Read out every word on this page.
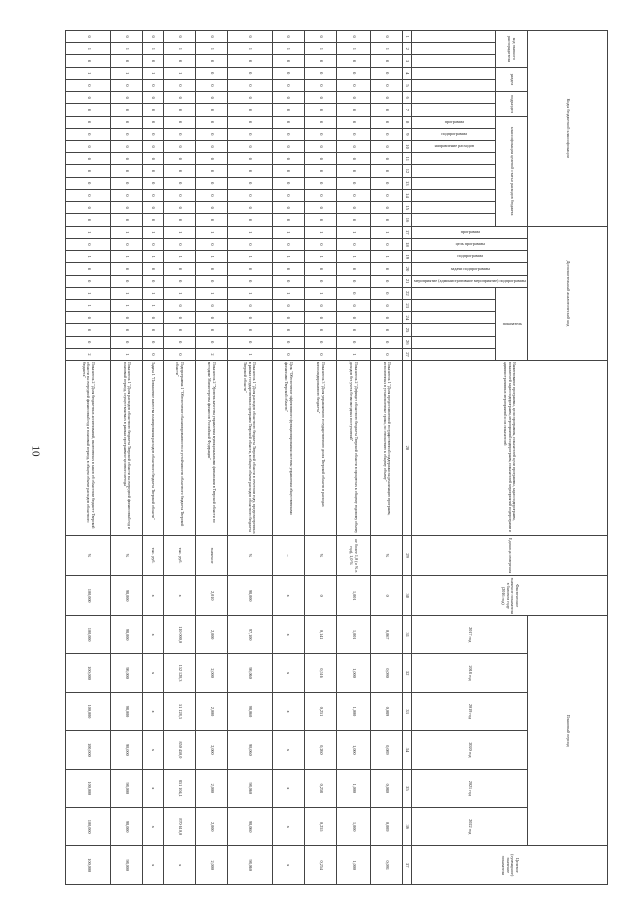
10
Коды бюджетной классификации																Дополнительный аналитический код											Наименование программы, цели программы, показателей цели программы, задач подпрограмм, показателей задач подпрограмм, мероприятий подпрограмм, показателей мероприятий подпрограмм и административных мероприятий и их показателей	Единица измерения	Фактическое значение показателя в базовом году (2016 год)	Плановый период						Целевое (суммарное) значение показателя
код главного распорядителя			раздел		подраздел		классификация целевой статьи расходов бюджета									программа	цель программы	подпрограмма	задачи подпрограммы	мероприятие (административное мероприятие) подпрограммы	показатель									2017 год	2018 год	2019 год	2020 год	2021 год	2022 год	
							программа	подпрограмма	направление расходов																											
1	2	3	4	5	6	7	8	9	10	11	12	13	14	15	16	17	18	19	20	21	22	23	24	25	26	27	28	29	30	31	32	33	34	35	36	37
0	1	0	0	0	0	0	0	0	0	0	0	0	0	0	0	1	0	1	0	0	0	0	0	0	0	0	Показатель 1 "Доля предоставленной государственной поддержки на реализацию программ, исполненных в установленные сроки, по отношению к общему объему"	%	0	0,067	0,090	0,089	0,089	0,080	0,089	0,091
0	1	0	0	0	0	0	0	0	0	0	0	0	0	0	0	1	0	1	0	0	0	0	0	0	0	1	Показатель 2 "Дефицит областного бюджета Тверской области в процентах к общему годовому объему доходов без учета безвозмездных поступлений"	не более 1,0 (и % в год), 1,0 %	1,001	1,001	1,000	1,000	1,000	1,000	1,000	1,000
0	1	0	0	0	0	0	0	0	0	0	0	0	0	0	0	1	0	1	0	0	1	0	0	0	0	0	Показатель 3 "Доля управляемого государственного долга Тверской области в расходах консолидированного бюджета"	%	0	0,141	0,516	0,251	0,260	0,258	0,255	0,254
0	1	0	0	0	0	0	0	0	0	0	0	0	0	0	0	1	0	1	0	0	1	0	0	0	0	0	Цель "Обеспечение эффективного функционирования системы управления общественными финансами Тверской области"	–	х	х	х	х	х	х	х	х
0	1	0	0	0	0	0	0	0	0	0	0	0	0	0	0	1	0	1	0	0	1	0	0	0	0	1	Показатель 1 "Доля расходов областного бюджета Тверской области в отчетном году, предусмотренных в рамках государственных программ Тверской области, в общем объеме расходов областного бюджета Тверской области"	%	98,000	97,100	98,060	98,060	98,060	98,060	98,060	98,060
0	1	0	0	0	0	0	0	0	0	0	0	0	0	0	0	1	0	1	0	0	1	0	0	0	0	2	Показатель 2 "Уровень качества управления муниципальными финансами в Тверской области по методике Министерства финансов Российской Федерации"	значение	2,010	2,000	2,000	2,000	2,000	2,000	2,000	2,000
0	1	0	1	0	0	0	0	0	0	0	0	0	0	0	0	1	0	1	0	0	1	0	0	0	0	0	Подпрограмма 1 "Обеспечение сбалансированности и устойчивости областного бюджета Тверской области"	тыс. руб.	х	110 000,0	152 128,3	51 128,3	850 450,0	851 104,1	870 610,0	х
0	1	0	1	0	0	0	0	0	0	0	0	0	0	0	0	1	0	1	0	0	1	1	0	0	0	0	Задача 1 "Повышение качества планирования расходов областного бюджета Тверской области"	тыс. руб.	х	х	х	х	х	х	х	х
0	1	0	1	0	0	0	0	0	0	0	0	0	0	0	0	1	0	1	0	0	1	1	0	0	0	1	Показатель 1 "Доля расходов областного бюджета Тверской области на очередной финансовый год и плановый период, осуществляемых в рамках программно-целевого метода"	%	98,000	98,000	98,000	98,000	98,000	98,000	98,000	98,000
0	1	0	1	0	0	0	0	0	0	0	0	0	0	0	0	1	0	1	0	0	1	1	0	0	0	2	Показатель 2 "Доля бюджетных ассигнований, включенных в закон об областном бюджете Тверской области на очередной финансовый год и плановый период, в общем объеме расходов областного бюджета"	%	100,000	100,000	100,000	100,000	100,000	100,000	100,000	100,000
